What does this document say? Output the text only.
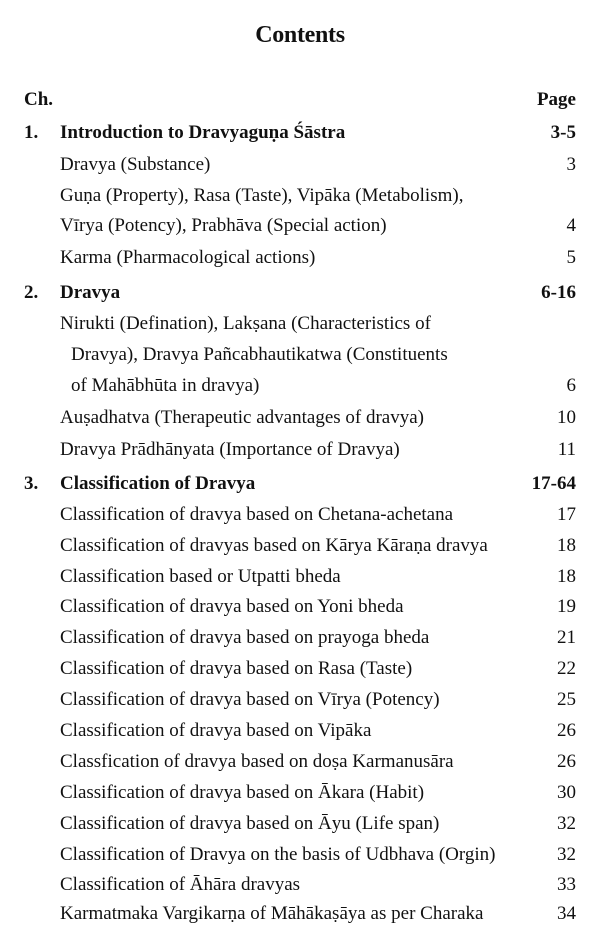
Contents
Ch.	Page
1. Introduction to Dravyaguṇa Śāstra	3-5
Dravya (Substance)	3
Guṇa (Property), Rasa (Taste), Vipāka (Metabolism),
Vīrya (Potency), Prabhāva (Special action)	4
Karma (Pharmacological actions)	5
2. Dravya	6-16
Nirukti (Defination), Lakṣana (Characteristics of
Dravya), Dravya Pañcabhautikatwa (Constituents
of Mahābhūta in dravya)	6
Auṣadhatva (Therapeutic advantages of dravya)	10
Dravya Prādhānyata (Importance of Dravya)	11
3. Classification of Dravya	17-64
Classification of dravya based on Chetana-achetana	17
Classification of dravyas based on Kārya Kāraṇa dravya	18
Classification based or Utpatti bheda	18
Classification of dravya based on Yoni bheda	19
Classification of dravya based on prayoga bheda	21
Classification of dravya based on Rasa (Taste)	22
Classification of dravya based on Vīrya (Potency)	25
Classification of dravya based on Vipāka	26
Classfication of dravya based on doṣa Karmanusāra	26
Classification of dravya based on Ākara (Habit)	30
Classification of dravya based on Āyu (Life span)	32
Classification of Dravya on the basis of Udbhava (Orgin)	32
Classification of Āhāra dravyas	33
Karmatmaka Vargikarṇa of Māhākaṣāya as per Charaka	34
